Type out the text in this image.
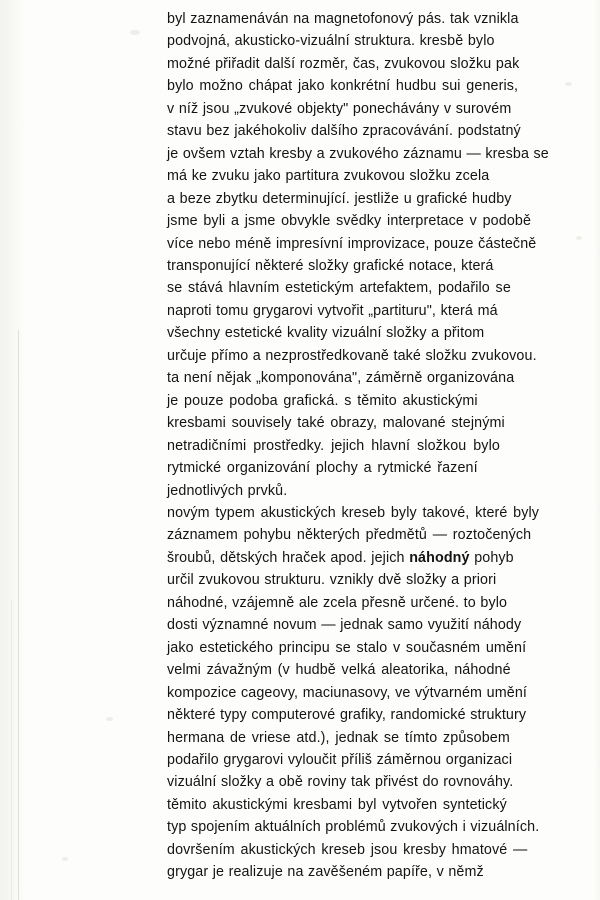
byl zaznamenáván na magnetofonový pás. tak vznikla
podvojná, akusticko-vizuální struktura. kresbě bylo
možné přiřadit další rozměr, čas, zvukovou složku pak
bylo možno chápat jako konkrétní hudbu sui generis,
v níž jsou „zvukové objekty" ponechávány v surovém
stavu bez jakéhokoliv dalšího zpracovávání. podstatný
je ovšem vztah kresby a zvukového záznamu — kresba se
má ke zvuku jako partitura zvukovou složku zcela
a beze zbytku determinující. jestliže u grafické hudby
jsme byli a jsme obvykle svědky interpretace v podobě
více nebo méně impresívní improvizace, pouze částečně
transponující některé složky grafické notace, která
se stává hlavním estetickým artefaktem, podařilo se
naproti tomu grygarovi vytvořit „partituru", která má
všechny estetické kvality vizuální složky a přitom
určuje přímo a nezprostředkovaně také složku zvukovou.
ta není nějak „komponována", záměrně organizována
je pouze podoba grafická. s těmito akustickými
kresbami souvisely také obrazy, malované stejnými
netradičními prostředky. jejich hlavní složkou bylo
rytmické organizování plochy a rytmické řazení
jednotlivých prvků.
novým typem akustických kreseb byly takové, které byly
záznamem pohybu některých předmětů — roztočených
šroubů, dětských hraček apod. jejich náhodný pohyb
určil zvukovou strukturu. vznikly dvě složky a priori
náhodné, vzájemně ale zcela přesně určené. to bylo
dosti významné novum — jednak samo využití náhody
jako estetického principu se stalo v současném umění
velmi závažným (v hudbě velká aleatorika, náhodné
kompozice cageovy, maciunasovy, ve výtvarném umění
některé typy computerové grafiky, randomické struktury
hermana de vriese atd.), jednak se tímto způsobem
podařilo grygarovi vyloučit příliš záměrnou organizaci
vizuální složky a obě roviny tak přivést do rovnováhy.
těmito akustickými kresbami byl vytvořen syntetický
typ spojením aktuálních problémů zvukových i vizuálních.
dovršením akustických kreseb jsou kresby hmatové —
grygar je realizuje na zavěšeném papíře, v němž
